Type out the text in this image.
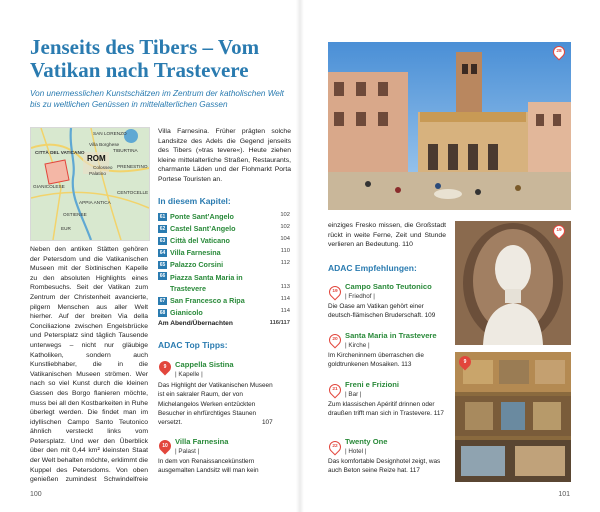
Jenseits des Tibers – Vom Vatikan nach Trastevere
Von unermesslichen Kunstschätzen im Zentrum der katholischen Welt bis zu weltlichen Genüssen in mittelalterlichen Gassen
SAN LORENZO
Villa Borghese
CITTÀ DEL VATICANO	TIBURTINA
ROM
Colosseo
Palatino
PRENESTINO
GIANICOLESE
APPIA ANTICA
OSTIENSE
EUR
CENTOCELLE
Neben den antiken Stätten gehören der Petersdom und die Vatikanischen Museen mit der Sixtinischen Kapelle zu den absoluten Highlights eines Rombesuchs. Seit der Vatikan zum Zentrum der Christenheit avancierte, pilgern Menschen aus aller Welt hierher. Auf der breiten Via della Conciliazione zwischen Engelsbrücke und Petersplatz sind täglich Tausende unterwegs – nicht nur gläubige Katholiken, sondern auch Kunstliebhaber, die in die Vatikanischen Museen strömen. Wer nach so viel Kunst durch die kleinen Gassen des Borgo flanieren möchte, muss bei all den Kostbarkeiten in Ruhe überlegt werden. Die findet man im idyllischen Campo Santo Teutonico ähnlich versteckt links vom Petersplatz. Und wer den Überblick über den mit 0,44 km² kleinsten Staat der Welt behalten möchte, erklimmt die Kuppel des Petersdoms. Von oben genießen zumindest Schwindelfreie
Villa Farnesina. Früher prägten solche Landsitze des Adels die Gegend jenseits des Tibers (»tras tevere«). Heute ziehen kleine mittelalterliche Straßen, Restaurants, charmante Läden und der Flohmarkt Porta Portese Touristen an.
In diesem Kapitel:
61 Ponte Sant’Angelo	102
62 Castel Sant’Angelo	102
63 Città del Vaticano	104
64 Villa Farnesina	110
65 Palazzo Corsini	112
66 Piazza Santa Maria in Trastevere	113
67 San Francesco a Ripa	114
68 Gianicolo	114
Am Abend/Übernachten	116/117
ADAC Top Tipps:
9	Cappella Sistina
| Kapelle |
Das Highlight der Vatikanischen Museen ist ein sakraler Raum, der von Michelangelos Werken entzückten Besucher in ehrfürchtiges Staunen versetzt.	107
10 Villa Farnesina
| Palast |
In dem von Renaissancekünstlern ausgemalten Landsitz will man kein
100	101
28
einziges Fresko missen, die Großstadt rückt in weite Ferne, Zeit und Stunde verlieren an Bedeutung. 110
ADAC Empfehlungen:
19
Campo Santo Teutonico
| Friedhof |
Die Oase am Vatikan gehört einer deutsch-flämischen Bruderschaft. 109
20 Santa Maria in Trastevere
| Kirche |
Im Kircheninnern überraschen die goldtrunkenen Mosaiken. 113
21
Freni e Frizioni
| Bar |
Zum klassischen Apéritif drinnen oder draußen trifft man sich in Trastevere. 117
22
Twenty One
| Hotel |
Das komfortable Designhotel zeigt, was auch Beton seine Reize hat. 117
19
9
